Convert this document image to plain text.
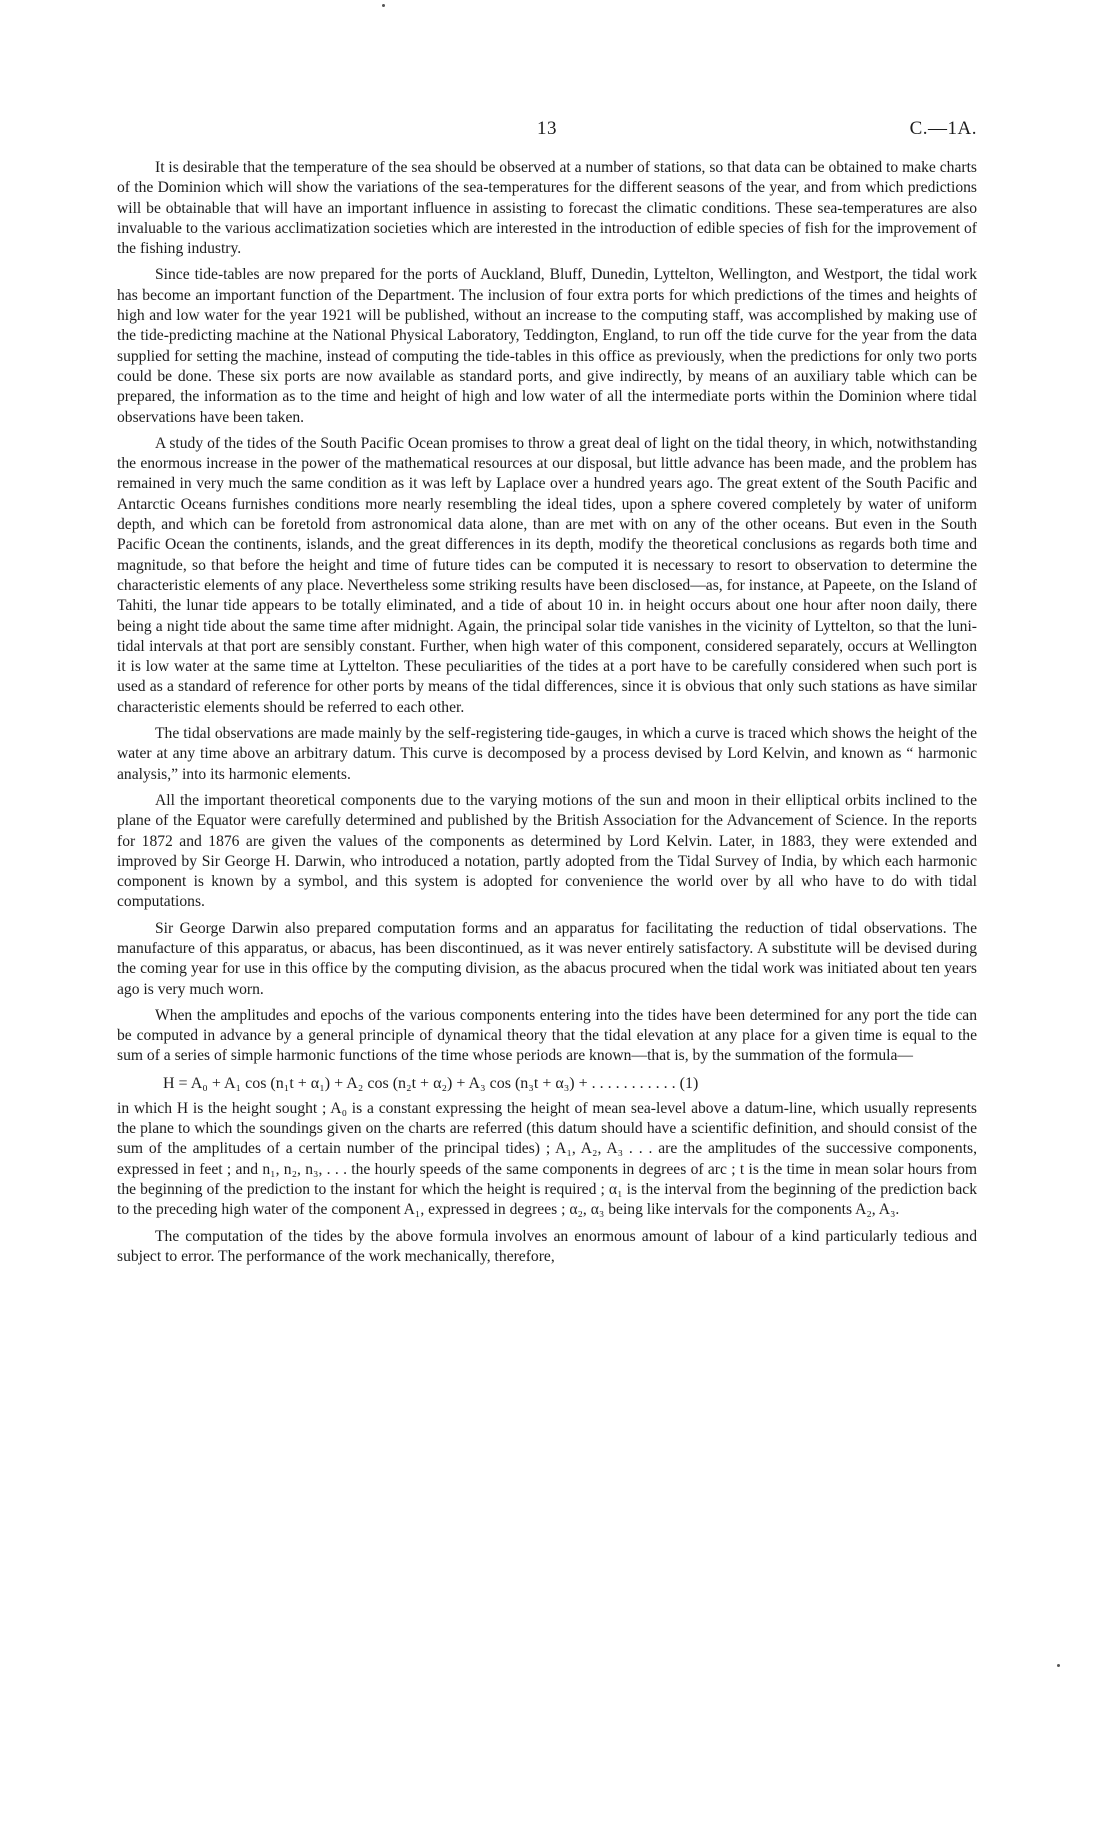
13	C.—1A.

It is desirable that the temperature of the sea should be observed at a number of stations, so that data can be obtained to make charts of the Dominion which will show the variations of the sea-temperatures for the different seasons of the year, and from which predictions will be obtainable that will have an important influence in assisting to forecast the climatic conditions. These sea-temperatures are also invaluable to the various acclimatization societies which are interested in the introduction of edible species of fish for the improvement of the fishing industry.

Since tide-tables are now prepared for the ports of Auckland, Bluff, Dunedin, Lyttelton, Wellington, and Westport, the tidal work has become an important function of the Department. The inclusion of four extra ports for which predictions of the times and heights of high and low water for the year 1921 will be published, without an increase to the computing staff, was accomplished by making use of the tide-predicting machine at the National Physical Laboratory, Teddington, England, to run off the tide curve for the year from the data supplied for setting the machine, instead of computing the tide-tables in this office as previously, when the predictions for only two ports could be done. These six ports are now available as standard ports, and give indirectly, by means of an auxiliary table which can be prepared, the information as to the time and height of high and low water of all the intermediate ports within the Dominion where tidal observations have been taken.

A study of the tides of the South Pacific Ocean promises to throw a great deal of light on the tidal theory, in which, notwithstanding the enormous increase in the power of the mathematical resources at our disposal, but little advance has been made, and the problem has remained in very much the same condition as it was left by Laplace over a hundred years ago. The great extent of the South Pacific and Antarctic Oceans furnishes conditions more nearly resembling the ideal tides, upon a sphere covered completely by water of uniform depth, and which can be foretold from astronomical data alone, than are met with on any of the other oceans. But even in the South Pacific Ocean the continents, islands, and the great differences in its depth, modify the theoretical conclusions as regards both time and magnitude, so that before the height and time of future tides can be computed it is necessary to resort to observation to determine the characteristic elements of any place. Nevertheless some striking results have been disclosed—as, for instance, at Papeete, on the Island of Tahiti, the lunar tide appears to be totally eliminated, and a tide of about 10 in. in height occurs about one hour after noon daily, there being a night tide about the same time after midnight. Again, the principal solar tide vanishes in the vicinity of Lyttelton, so that the luni-tidal intervals at that port are sensibly constant. Further, when high water of this component, considered separately, occurs at Wellington it is low water at the same time at Lyttelton. These peculiarities of the tides at a port have to be carefully considered when such port is used as a standard of reference for other ports by means of the tidal differences, since it is obvious that only such stations as have similar characteristic elements should be referred to each other.

The tidal observations are made mainly by the self-registering tide-gauges, in which a curve is traced which shows the height of the water at any time above an arbitrary datum. This curve is decomposed by a process devised by Lord Kelvin, and known as “ harmonic analysis,” into its harmonic elements.

All the important theoretical components due to the varying motions of the sun and moon in their elliptical orbits inclined to the plane of the Equator were carefully determined and published by the British Association for the Advancement of Science. In the reports for 1872 and 1876 are given the values of the components as determined by Lord Kelvin. Later, in 1883, they were extended and improved by Sir George H. Darwin, who introduced a notation, partly adopted from the Tidal Survey of India, by which each harmonic component is known by a symbol, and this system is adopted for convenience the world over by all who have to do with tidal computations.

Sir George Darwin also prepared computation forms and an apparatus for facilitating the reduction of tidal observations. The manufacture of this apparatus, or abacus, has been discontinued, as it was never entirely satisfactory. A substitute will be devised during the coming year for use in this office by the computing division, as the abacus procured when the tidal work was initiated about ten years ago is very much worn.

When the amplitudes and epochs of the various components entering into the tides have been determined for any port the tide can be computed in advance by a general principle of dynamical theory that the tidal elevation at any place for a given time is equal to the sum of a series of simple harmonic functions of the time whose periods are known—that is, by the summation of the formula—

H = A₀ + A₁ cos (n₁t + α₁) + A₂ cos (n₂t + α₂) + A₃ cos (n₃t + α₃) + . . . . . . . . . . . (1)

in which H is the height sought ; A₀ is a constant expressing the height of mean sea-level above a datum-line, which usually represents the plane to which the soundings given on the charts are referred (this datum should have a scientific definition, and should consist of the sum of the amplitudes of a certain number of the principal tides) ; A₁, A₂, A₃ . . . are the amplitudes of the successive components, expressed in feet ; and n₁, n₂, n₃, . . . the hourly speeds of the same components in degrees of arc ; t is the time in mean solar hours from the beginning of the prediction to the instant for which the height is required ; α₁ is the interval from the beginning of the prediction back to the preceding high water of the component A₁, expressed in degrees ; α₂, α₃ being like intervals for the components A₂, A₃.

The computation of the tides by the above formula involves an enormous amount of labour of a kind particularly tedious and subject to error. The performance of the work mechanically, therefore,
